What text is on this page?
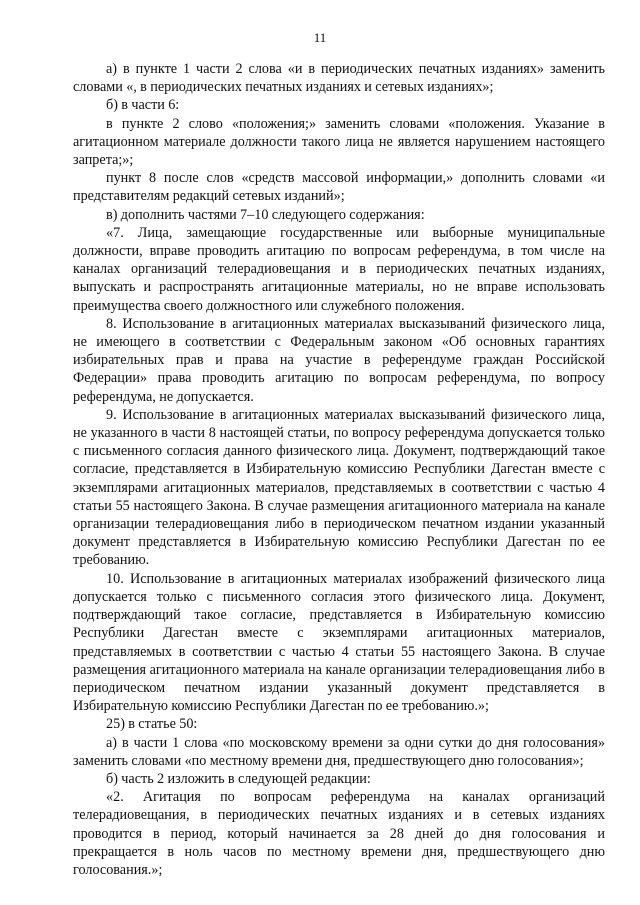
11

а) в пункте 1 части 2 слова «и в периодических печатных изданиях» заменить словами «, в периодических печатных изданиях и сетевых изданиях»;

б) в части 6:

в пункте 2 слово «положения;» заменить словами «положения. Указание в агитационном материале должности такого лица не является нарушением настоящего запрета;»;

пункт 8 после слов «средств массовой информации,» дополнить словами «и представителям редакций сетевых изданий»;

в) дополнить частями 7–10 следующего содержания:

«7. Лица, замещающие государственные или выборные муниципальные должности, вправе проводить агитацию по вопросам референдума, в том числе на каналах организаций телерадиовещания и в периодических печатных изданиях, выпускать и распространять агитационные материалы, но не вправе использовать преимущества своего должностного или служебного положения.

8. Использование в агитационных материалах высказываний физического лица, не имеющего в соответствии с Федеральным законом «Об основных гарантиях избирательных прав и права на участие в референдуме граждан Российской Федерации» права проводить агитацию по вопросам референдума, по вопросу референдума, не допускается.

9. Использование в агитационных материалах высказываний физического лица, не указанного в части 8 настоящей статьи, по вопросу референдума допускается только с письменного согласия данного физического лица. Документ, подтверждающий такое согласие, представляется в Избирательную комиссию Республики Дагестан вместе с экземплярами агитационных материалов, представляемых в соответствии с частью 4 статьи 55 настоящего Закона. В случае размещения агитационного материала на канале организации телерадиовещания либо в периодическом печатном издании указанный документ представляется в Избирательную комиссию Республики Дагестан по ее требованию.

10. Использование в агитационных материалах изображений физического лица допускается только с письменного согласия этого физического лица. Документ, подтверждающий такое согласие, представляется в Избирательную комиссию Республики Дагестан вместе с экземплярами агитационных материалов, представляемых в соответствии с частью 4 статьи 55 настоящего Закона. В случае размещения агитационного материала на канале организации телерадиовещания либо в периодическом печатном издании указанный документ представляется в Избирательную комиссию Республики Дагестан по ее требованию.»;

25) в статье 50:

а) в части 1 слова «по московскому времени за одни сутки до дня голосования» заменить словами «по местному времени дня, предшествующего дню голосования»;

б) часть 2 изложить в следующей редакции:

«2. Агитация по вопросам референдума на каналах организаций телерадиовещания, в периодических печатных изданиях и в сетевых изданиях проводится в период, который начинается за 28 дней до дня голосования и прекращается в ноль часов по местному времени дня, предшествующего дню голосования.»;
